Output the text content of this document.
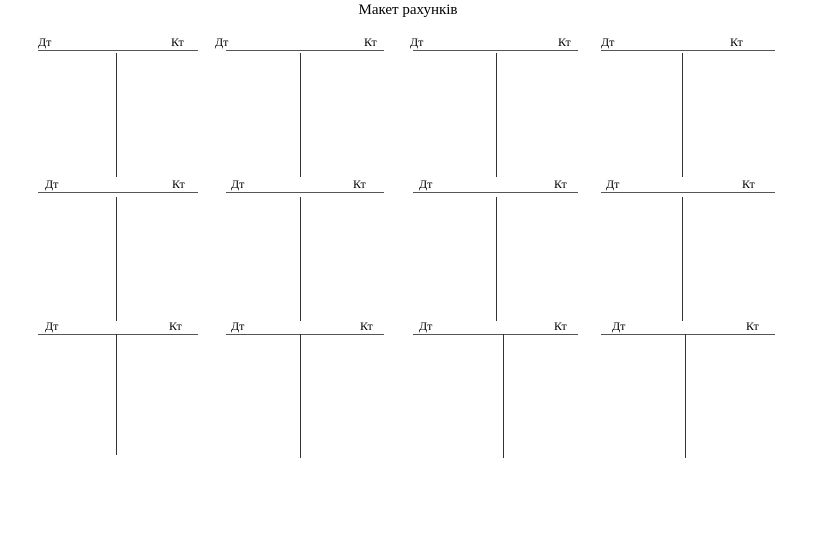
Макет рахунків
Дт	Кт	Дт	Кт	Дт	Кт	Дт	Кт
Дт	Кт	Дт	Кт	Дт	Кт	Дт	Кт
Дт	Кт	Дт	Кт	Дт	Кт	Дт	Кт
